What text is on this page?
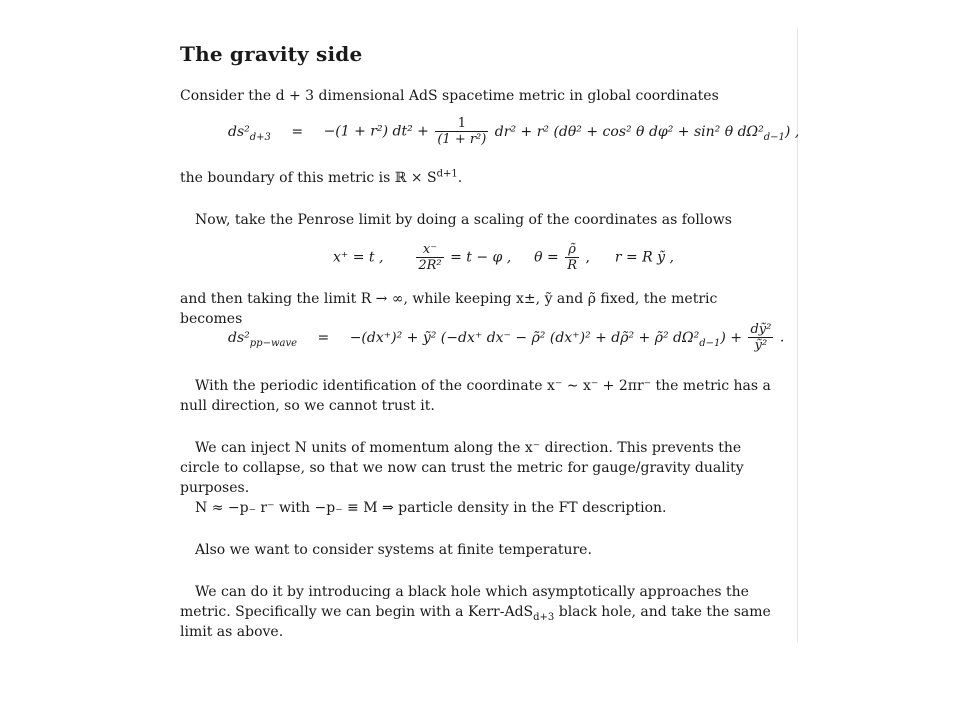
The gravity side
Consider the d + 3 dimensional AdS spacetime metric in global coordinates
$ds^2_{d+3} = -(1 + r^2) dt^2 + \frac{1}{\text{(1 + r²)}} dr^2 + r^2$ (dθ² + cos² θ dφ² + sin² θ $d\Omega^2_{d-1}$) ,
the boundary of this metric is ℝ × $S^{d+1}$.
Now, take the Penrose limit by doing a scaling of the coordinates as follows
x⁺ = t ,	$\frac{x^-}{\text{2R²}} = t - \varphi$ , $\theta = \frac{\rhõ}{R}$ , r = R ỹ ,
and then taking the limit R → ∞, while keeping x±, ỹ and ρ̃ fixed, the metric becomes
$ds^2_{pp-wave} = -(dx^+)^2$ + ỹ² (−dx⁺ dx⁻ − ρ̃² (dx⁺)² + dρ̃² + ρ̃² $d\Omega^2_{d-1}) + \frac{\text{dỹ²}}{\text{ỹ²}}$ .
With the periodic identification of the coordinate x⁻ ∼ x⁻ + 2πr⁻ the metric has a null direction, so we cannot trust it.
We can inject N units of momentum along the x⁻ direction. This prevents the circle to collapse, so that we now can trust the metric for gauge/gravity duality purposes.
N ≈ −p₋ r⁻ with −p₋ ≡ M ⇒ particle density in the FT description.
Also we want to consider systems at finite temperature.
We can do it by introducing a black hole which asymptotically approaches the metric. Specifically we can begin with a Kerr-AdS$_{d+3}$ black hole, and take the same limit as above.
